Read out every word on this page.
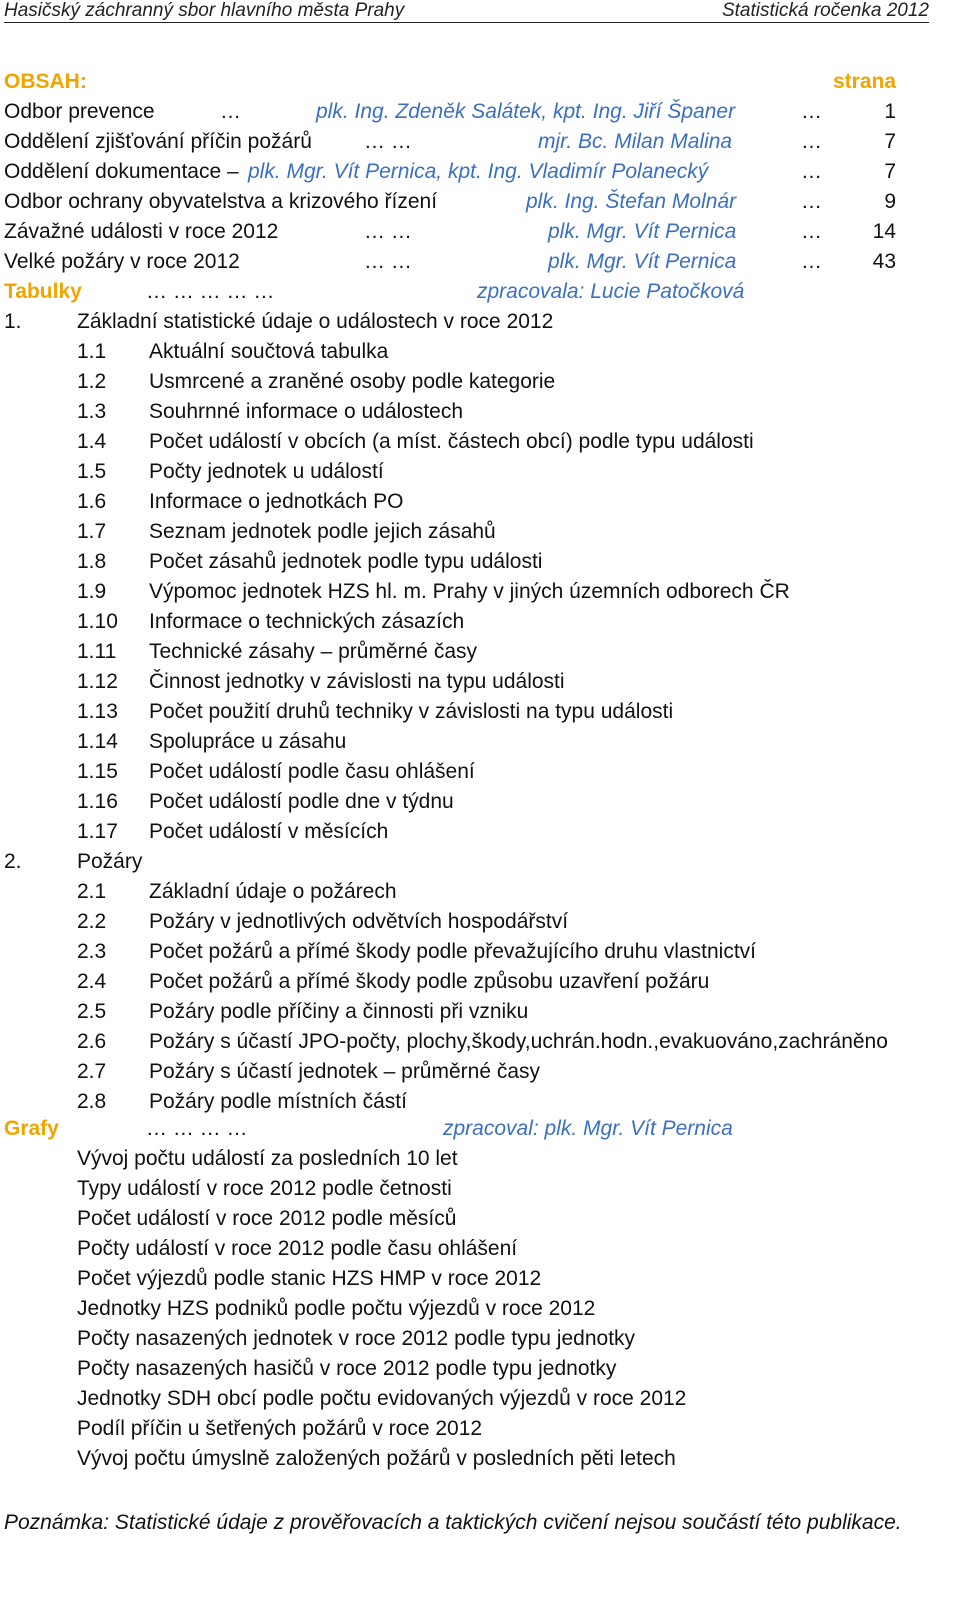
Hasičský záchranný sbor hlavního města Prahy	Statistická ročenka 2012
OBSAH:	strana
Odbor prevence	…	plk. Ing. Zdeněk Salátek, kpt. Ing. Jiří Španer	…	1
Oddělení zjišťování příčin požárů … …	mjr. Bc. Milan Malina	…	7
Oddělení dokumentace – plk. Mgr. Vít Pernica, kpt. Ing. Vladimír Polanecký	…	7
Odbor ochrany obyvatelstva a krizového řízení	plk. Ing. Štefan Molnár	…	9
Závažné události v roce 2012	… …	plk. Mgr. Vít Pernica	… 14
Velké požáry v roce 2012	… …	plk. Mgr. Vít Pernica	… 43
Tabulky	… … … … …	zpracovala: Lucie Patočková
1.	Základní statistické údaje o událostech v roce 2012
1.1 Aktuální součtová tabulka
1.2 Usmrcené a zraněné osoby podle kategorie
1.3 Souhrnné informace o událostech
1.4 Počet událostí v obcích (a míst. částech obcí) podle typu události
1.5 Počty jednotek u událostí
1.6 Informace o jednotkách PO
1.7 Seznam jednotek podle jejich zásahů
1.8 Počet zásahů jednotek podle typu události
1.9 Výpomoc jednotek HZS hl. m. Prahy v jiných územních odborech ČR
1.10 Informace o technických zásazích
1.11 Technické zásahy – průměrné časy
1.12 Činnost jednotky v závislosti na typu události
1.13 Počet použití druhů techniky v závislosti na typu události
1.14 Spolupráce u zásahu
1.15 Počet událostí podle času ohlášení
1.16 Počet událostí podle dne v týdnu
1.17 Počet událostí v měsících
2.	Požáry
2.1 Základní údaje o požárech
2.2 Požáry v jednotlivých odvětvích hospodářství
2.3 Počet požárů a přímé škody podle převažujícího druhu vlastnictví
2.4 Počet požárů a přímé škody podle způsobu uzavření požáru
2.5 Požáry podle příčiny a činnosti při vzniku
2.6 Požáry s účastí JPO-počty, plochy,škody,uchrán.hodn.,evakuováno,zachráněno
2.7 Požáry s účastí jednotek – průměrné časy
2.8 Požáry podle místních částí
Grafy	… … … …	zpracoval: plk. Mgr. Vít Pernica
Vývoj počtu událostí za posledních 10 let
Typy událostí v roce 2012 podle četnosti
Počet událostí v roce 2012 podle měsíců
Počty událostí v roce 2012 podle času ohlášení
Počet výjezdů podle stanic HZS HMP v roce 2012
Jednotky HZS podniků podle počtu výjezdů v roce 2012
Počty nasazených jednotek v roce 2012 podle typu jednotky
Počty nasazených hasičů v roce 2012 podle typu jednotky
Jednotky SDH obcí podle počtu evidovaných výjezdů v roce 2012
Podíl příčin u šetřených požárů v roce 2012
Vývoj počtu úmyslně založených požárů v posledních pěti letech
Poznámka: Statistické údaje z prověřovacích a taktických cvičení nejsou součástí této publikace.
